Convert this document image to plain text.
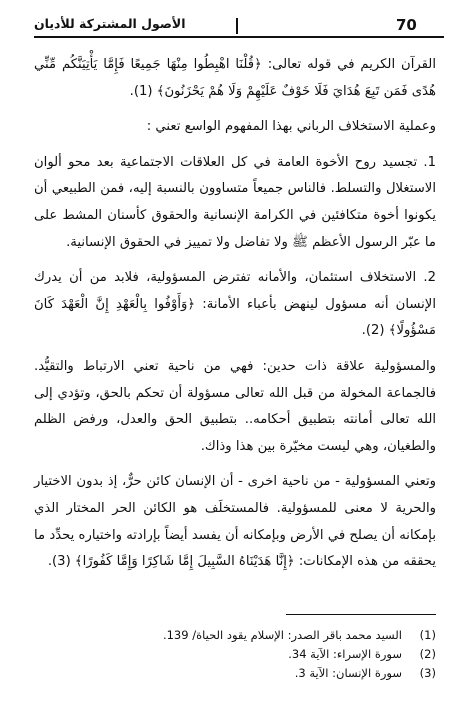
70
الأصول المشتركة للأديان

القرآن الكريم في قوله تعالى: ﴿قُلْنَا اهْبِطُوا مِنْهَا جَمِيعًا فَإِمَّا يَأْتِيَنَّكُم مِّنِّي هُدًى فَمَن تَبِعَ هُدَايَ فَلَا خَوْفٌ عَلَيْهِمْ وَلَا هُمْ يَحْزَنُونَ﴾ (1).

وعملية الاستخلاف الرباني بهذا المفهوم الواسع تعني :

1. تجسيد روح الأخوة العامة في كل العلاقات الاجتماعية بعد محو ألوان الاستغلال والتسلط. فالناس جميعاً متساوون بالنسبة إليه، فمن الطبيعي أن يكونوا أخوة متكافئين في الكرامة الإنسانية والحقوق كأسنان المشط على ما عبّر الرسول الأعظم ﷺ ولا تفاضل ولا تمييز في الحقوق الإنسانية.

2. الاستخلاف استئمان، والأمانه تفترض المسؤولية، فلابد من أن يدرك الإنسان أنه مسؤول لينهض بأعباء الأمانة: ﴿وَأَوْفُوا بِالْعَهْدِ إِنَّ الْعَهْدَ كَانَ مَسْؤُولًا﴾ (2).

والمسؤولية علاقة ذات حدين: فهي من ناحية تعني الارتباط والتقيُّد. فالجماعة المخولة من قبل الله تعالى مسؤولة أن تحكم بالحق، وتؤدي إلى الله تعالى أمانته بتطبيق أحكامه.. بتطبيق الحق والعدل، ورفض الظلم والطغيان، وهي ليست مخيّرة بين هذا وذاك.

وتعني المسؤولية - من ناحية اخرى - أن الإنسان كائن حرٌّ، إذ بدون الاختيار والحرية لا معنى للمسؤولية. فالمستخلَف هو الكائن الحر المختار الذي بإمكانه أن يصلح في الأرض وبإمكانه أن يفسد أيضاً بإرادته واختياره يحدِّد ما يحققه من هذه الإمكانات: ﴿إِنَّا هَدَيْنَاهُ السَّبِيلَ إِمَّا شَاكِرًا وَإِمَّا كَفُورًا﴾ (3).

(1)
السيد محمد باقر الصدر: الإسلام يقود الحياة/ 139.
(2)
سورة الإسراء: الآية 34.
(3)
سورة الإنسان: الآية 3.
